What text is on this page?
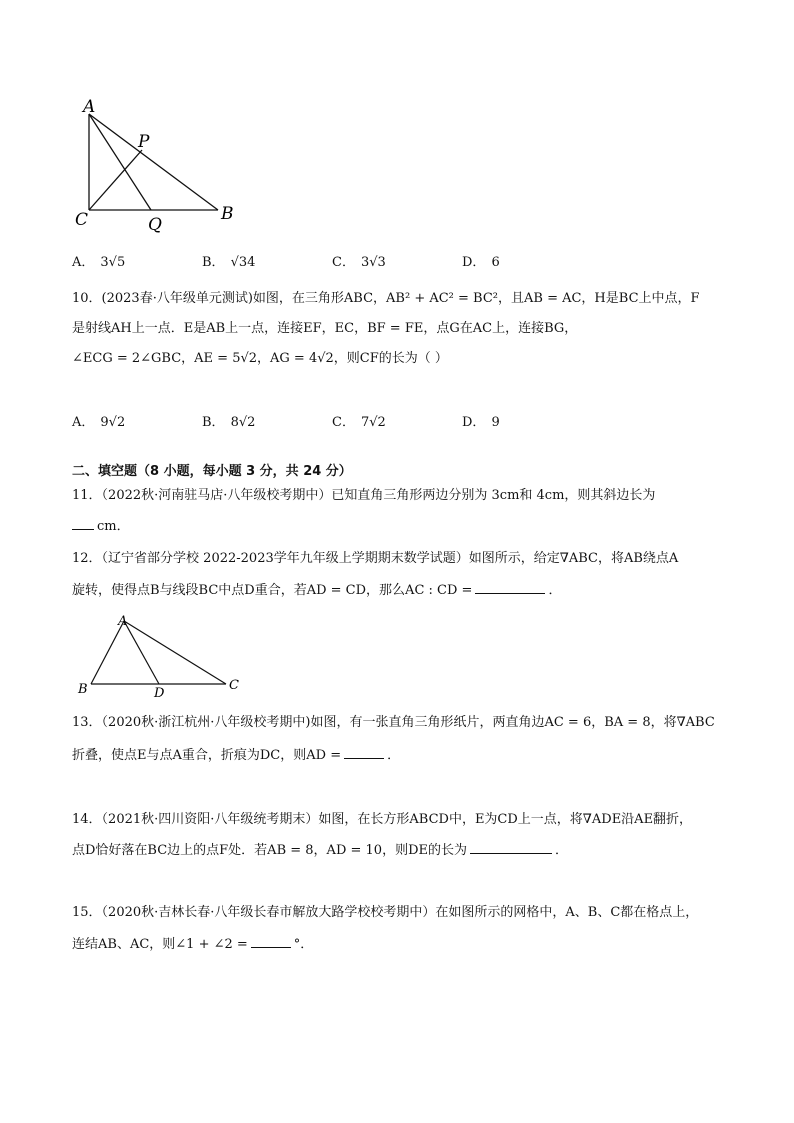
A
P
C	Q
B
A． 3√5	B． √34	C． 3√3	D． 6
10．(2023春·八年级单元测试)如图，在三角形ABC，AB² + AC² = BC²，且AB = AC，H是BC上中点，F
是射线AH上一点．E是AB上一点，连接EF，EC，BF = FE，点G在AC上，连接BG，
∠ECG = 2∠GBC，AE = 5√2，AG = 4√2，则CF的长为（ ）
A． 9√2	B． 8√2	C． 7√2	D． 9
二、填空题（8 小题，每小题 3 分，共 24 分）
11．（2022秋·河南驻马店·八年级校考期中）已知直角三角形两边分别为 3cm和 4cm，则其斜边长为
cm．
12．（辽宁省部分学校 2022-2023学年九年级上学期期末数学试题）如图所示，给定∇ABC，将AB绕点A
旋转，使得点B与线段BC中点D重合，若AD = CD，那么AC : CD =	．
A
B	D
C
13．（2020秋·浙江杭州·八年级校考期中)如图，有一张直角三角形纸片，两直角边AC = 6，BA = 8，将∇ABC
折叠，使点E与点A重合，折痕为DC，则AD =	．
14．（2021秋·四川资阳·八年级统考期末）如图，在长方形ABCD中，E为CD上一点，将∇ADE沿AE翻折，
点D恰好落在BC边上的点F处．若AB = 8，AD = 10，则DE的长为	．
15．（2020秋·吉林长春·八年级长春市解放大路学校校考期中）在如图所示的网格中，A、B、C都在格点上，
连结AB、AC，则∠1 + ∠2 =	°．
